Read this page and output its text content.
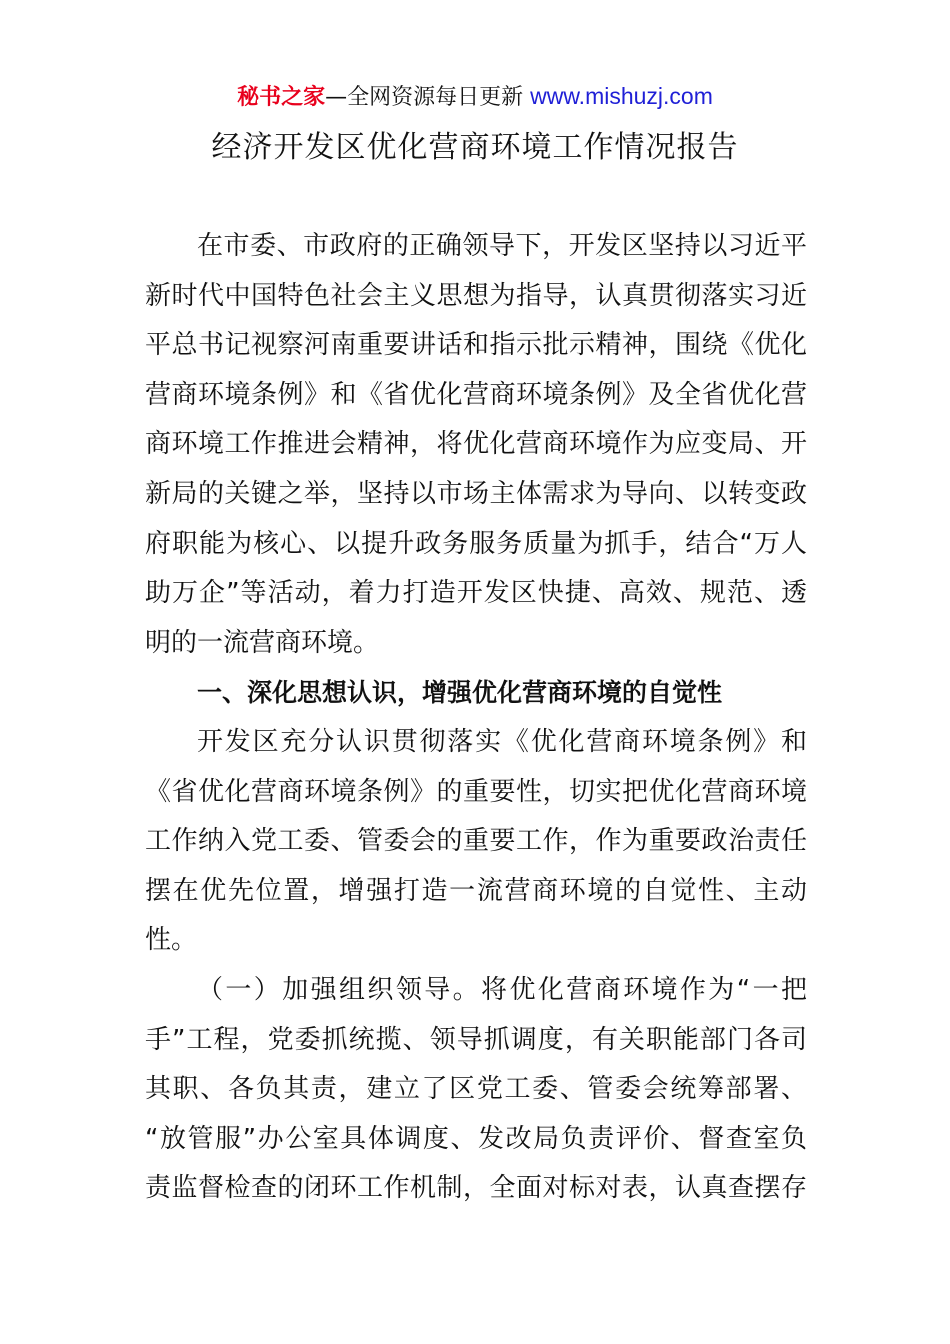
秘书之家—全网资源每日更新 www.mishuzj.com
经济开发区优化营商环境工作情况报告
在市委、市政府的正确领导下，开发区坚持以习近平
新时代中国特色社会主义思想为指导，认真贯彻落实习近
平总书记视察河南重要讲话和指示批示精神，围绕《优化
营商环境条例》和《省优化营商环境条例》及全省优化营
商环境工作推进会精神，将优化营商环境作为应变局、开
新局的关键之举，坚持以市场主体需求为导向、以转变政
府职能为核心、以提升政务服务质量为抓手，结合“万人
助万企”等活动，着力打造开发区快捷、高效、规范、透
明的一流营商环境。
一、深化思想认识，增强优化营商环境的自觉性
开发区充分认识贯彻落实《优化营商环境条例》和
《省优化营商环境条例》的重要性，切实把优化营商环境
工作纳入党工委、管委会的重要工作，作为重要政治责任
摆在优先位置，增强打造一流营商环境的自觉性、主动
性。
（一）加强组织领导。将优化营商环境作为“一把
手”工程，党委抓统揽、领导抓调度，有关职能部门各司
其职、各负其责，建立了区党工委、管委会统筹部署、
“放管服”办公室具体调度、发改局负责评价、督查室负
责监督检查的闭环工作机制，全面对标对表，认真查摆存
